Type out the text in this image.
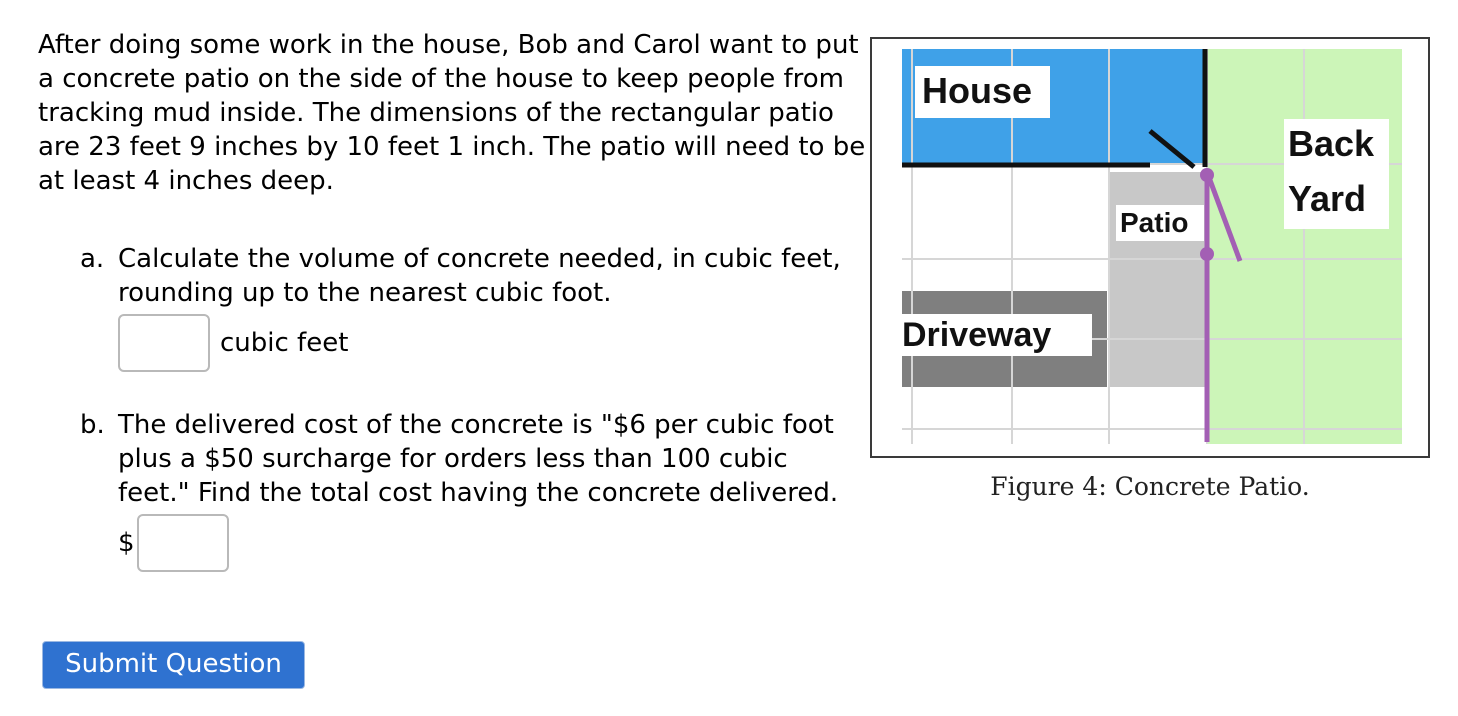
After doing some work in the house, Bob and Carol want to put a concrete patio on the side of the house to keep people from tracking mud inside. The dimensions of the rectangular patio are 23 feet 9 inches by 10 feet 1 inch. The patio will need to be at least 4 inches deep.

a. Calculate the volume of concrete needed, in cubic feet, rounding up to the nearest cubic foot.
cubic feet
b. The delivered cost of the concrete is "$6 per cubic foot plus a $50 surcharge for orders less than 100 cubic feet." Find the total cost having the concrete delivered.
$
Submit Question
House
Back
Yard
Patio
Driveway
Figure 4: Concrete Patio.
